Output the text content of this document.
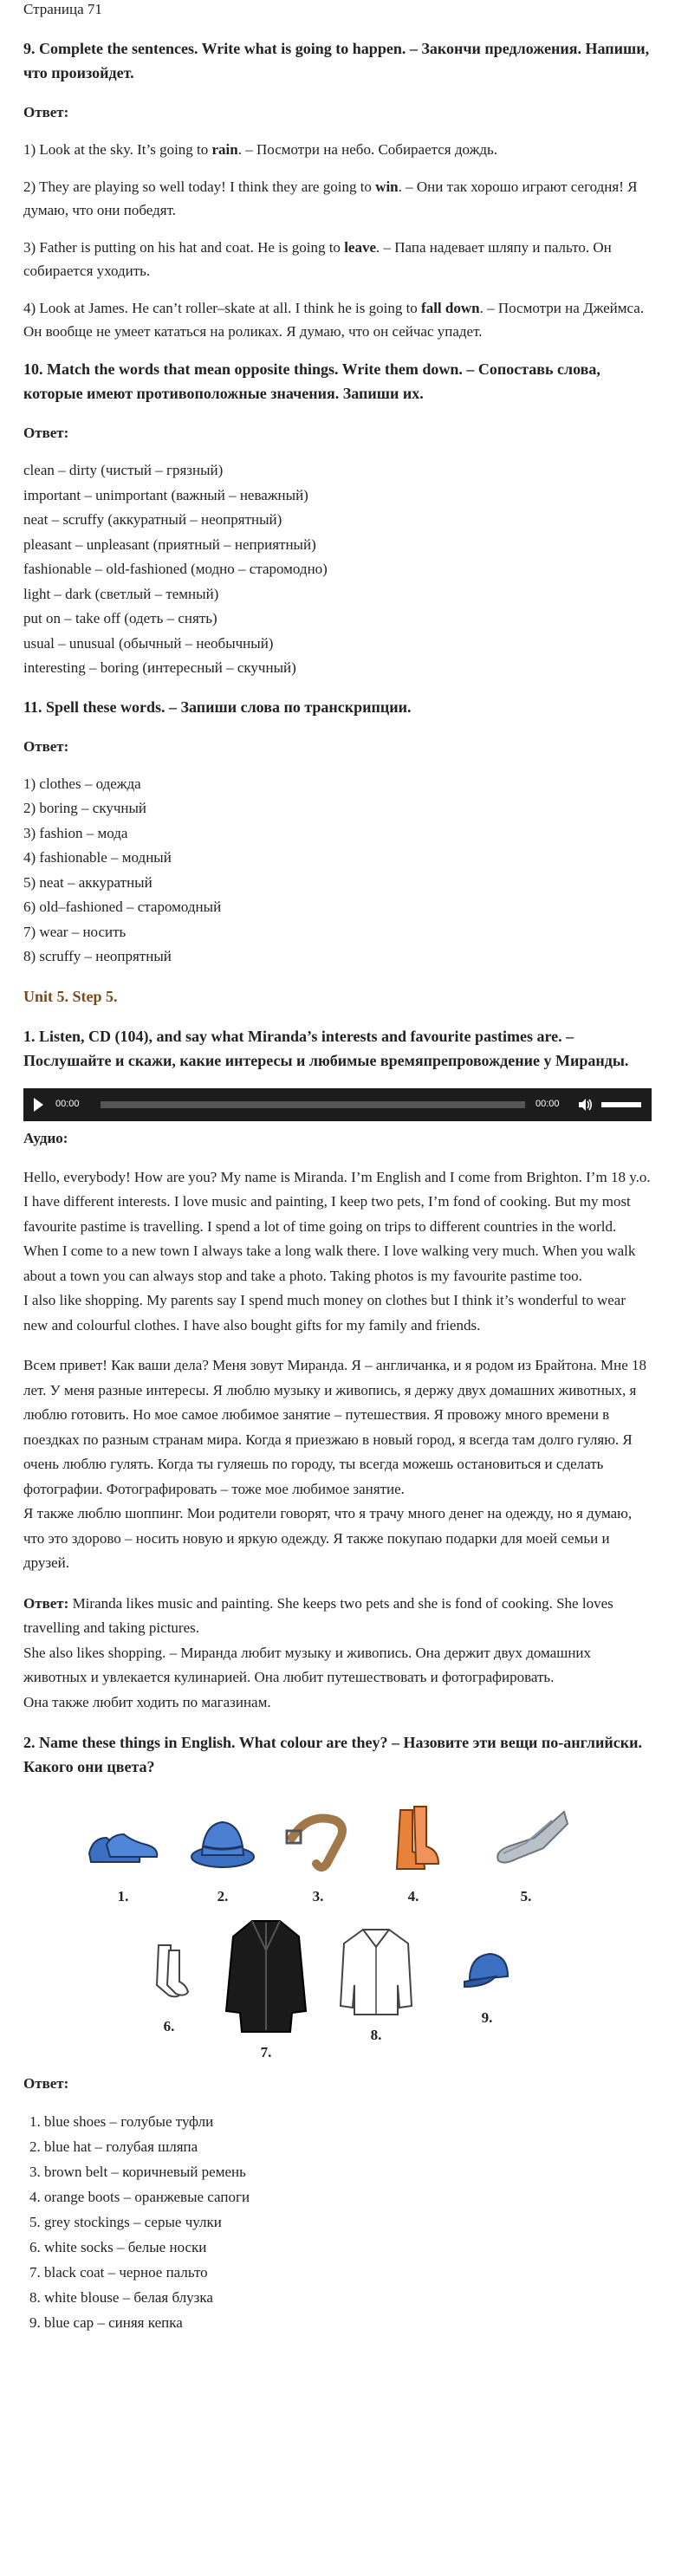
Страница 71
9. Complete the sentences. Write what is going to happen. – Закончи предложения. Напиши, что произойдет.
Ответ:

1) Look at the sky. It’s going to rain. – Посмотри на небо. Собирается дождь.

2) They are playing so well today! I think they are going to win. – Они так хорошо играют сегодня! Я думаю, что они победят.

3) Father is putting on his hat and coat. He is going to leave. – Папа надевает шляпу и пальто. Он собирается уходить.

4) Look at James. He can’t roller–skate at all. I think he is going to fall down. – Посмотри на Джеймса. Он вообще не умеет кататься на роликах. Я думаю, что он сейчас упадет.

10. Match the words that mean opposite things. Write them down. – Сопоставь слова, которые имеют противоположные значения. Запиши их.
Ответ:
clean – dirty (чистый – грязный)
important – unimportant (важный – неважный)
neat – scruffy (аккуратный – неопрятный)
pleasant – unpleasant (приятный – неприятный)
fashionable – old-fashioned (модно – старомодно)
light – dark (светлый – темный)
put on – take off (одеть – снять)
usual – unusual (обычный – необычный)
interesting – boring (интересный – скучный)
11. Spell these words. – Запиши слова по транскрипции.
Ответ:
1) clothes – одежда
2) boring – скучный
3) fashion – мода
4) fashionable – модный
5) neat – аккуратный
6) old–fashioned – старомодный
7) wear – носить
8) scruffy – неопрятный
Unit 5. Step 5.
1. Listen, CD (104), and say what Miranda’s interests and favourite pastimes are. – Послушайте и скажи, какие интересы и любимые времяпрепровождение у Миранды.
00:00	00:00
Аудио:
Hello, everybody! How are you? My name is Miranda. I’m English and I come from Brighton. I’m 18 y.o. I have different interests. I love music and painting, I keep two pets, I’m fond of cooking. But my most favourite pastime is travelling. I spend a lot of time going on trips to different countries in the world. When I come to a new town I always take a long walk there. I love walking very much. When you walk about a town you can always stop and take a photo. Taking photos is my favourite pastime too.
I also like shopping. My parents say I spend much money on clothes but I think it’s wonderful to wear new and colourful clothes. I have also bought gifts for my family and friends.
Всем привет! Как ваши дела? Меня зовут Миранда. Я – англичанка, и я родом из Брайтона. Мне 18 лет. У меня разные интересы. Я люблю музыку и живопись, я держу двух домашних животных, я люблю готовить. Но мое самое любимое занятие – путешествия. Я провожу много времени в поездках по разным странам мира. Когда я приезжаю в новый город, я всегда там долго гуляю. Я очень люблю гулять. Когда ты гуляешь по городу, ты всегда можешь остановиться и сделать фотографии. Фотографировать – тоже мое любимое занятие.
Я также люблю шоппинг. Мои родители говорят, что я трачу много денег на одежду, но я думаю, что это здорово – носить новую и яркую одежду. Я также покупаю подарки для моей семьи и друзей.
Ответ: Miranda likes music and painting. She keeps two pets and she is fond of cooking. She loves travelling and taking pictures.
She also likes shopping. – Миранда любит музыку и живопись. Она держит двух домашних животных и увлекается кулинарией. Она любит путешествовать и фотографировать.
Она также любит ходить по магазинам.
2. Name these things in English. What colour are they? – Назовите эти вещи по-английски. Какого они цвета?
1.	2.	3.	4.	5.
6.
7.
8.
9.
Ответ:
1. blue shoes – голубые туфли
2. blue hat – голубая шляпа
3. brown belt – коричневый ремень
4. orange boots – оранжевые сапоги
5. grey stockings – серые чулки
6. white socks – белые носки
7. black coat – черное пальто
8. white blouse – белая блузка
9. blue cap – синяя кепка
